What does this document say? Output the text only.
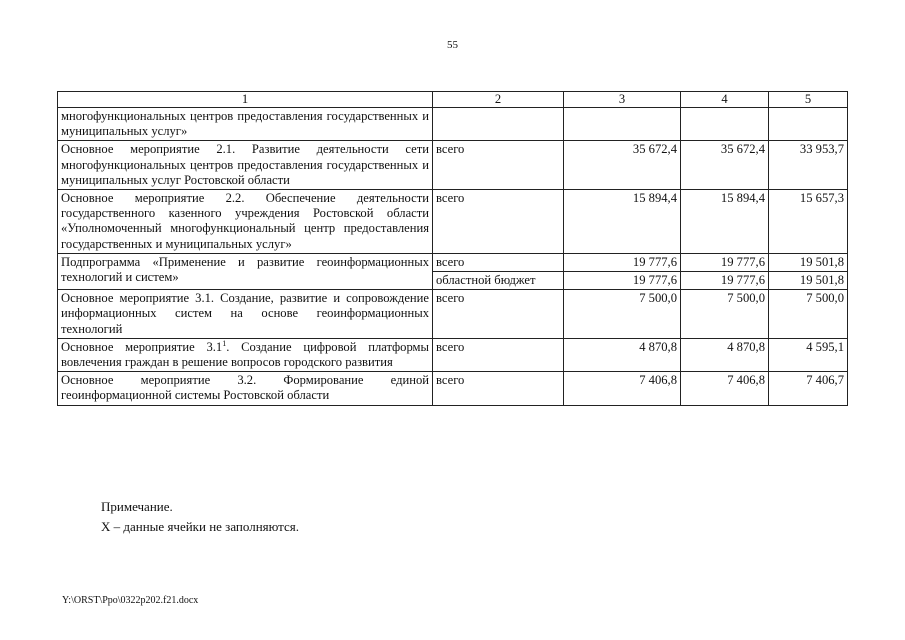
55
1	2	3	4	5
многофункциональных центров предоставления государственных и муниципальных услуг»				
Основное мероприятие 2.1. Развитие деятельности сети многофункциональных центров предоставления государственных и муниципальных услуг Ростовской области	всего	35 672,4	35 672,4	33 953,7
Основное мероприятие 2.2. Обеспечение деятельности государственного казенного учреждения Ростовской области «Уполномоченный многофункциональный центр предоставления государственных и муниципальных услуг»	всего	15 894,4	15 894,4	15 657,3
Подпрограмма «Применение и развитие геоинформационных технологий и систем»	всего	19 777,6	19 777,6	19 501,8
	областной бюджет	19 777,6	19 777,6	19 501,8
Основное мероприятие 3.1. Создание, развитие и сопровождение информационных систем на основе геоинформационных технологий	всего	7 500,0	7 500,0	7 500,0
Основное мероприятие $3.1^1$. Создание цифровой платформы вовлечения граждан в решение вопросов городского развития	всего	4 870,8	4 870,8	4 595,1
Основное мероприятие 3.2. Формирование единой геоинформационной системы Ростовской области	всего	7 406,8	7 406,8	7 406,7
Примечание.
Х – данные ячейки не заполняются.
Y:\ORST\Ppo\0322p202.f21.docx
